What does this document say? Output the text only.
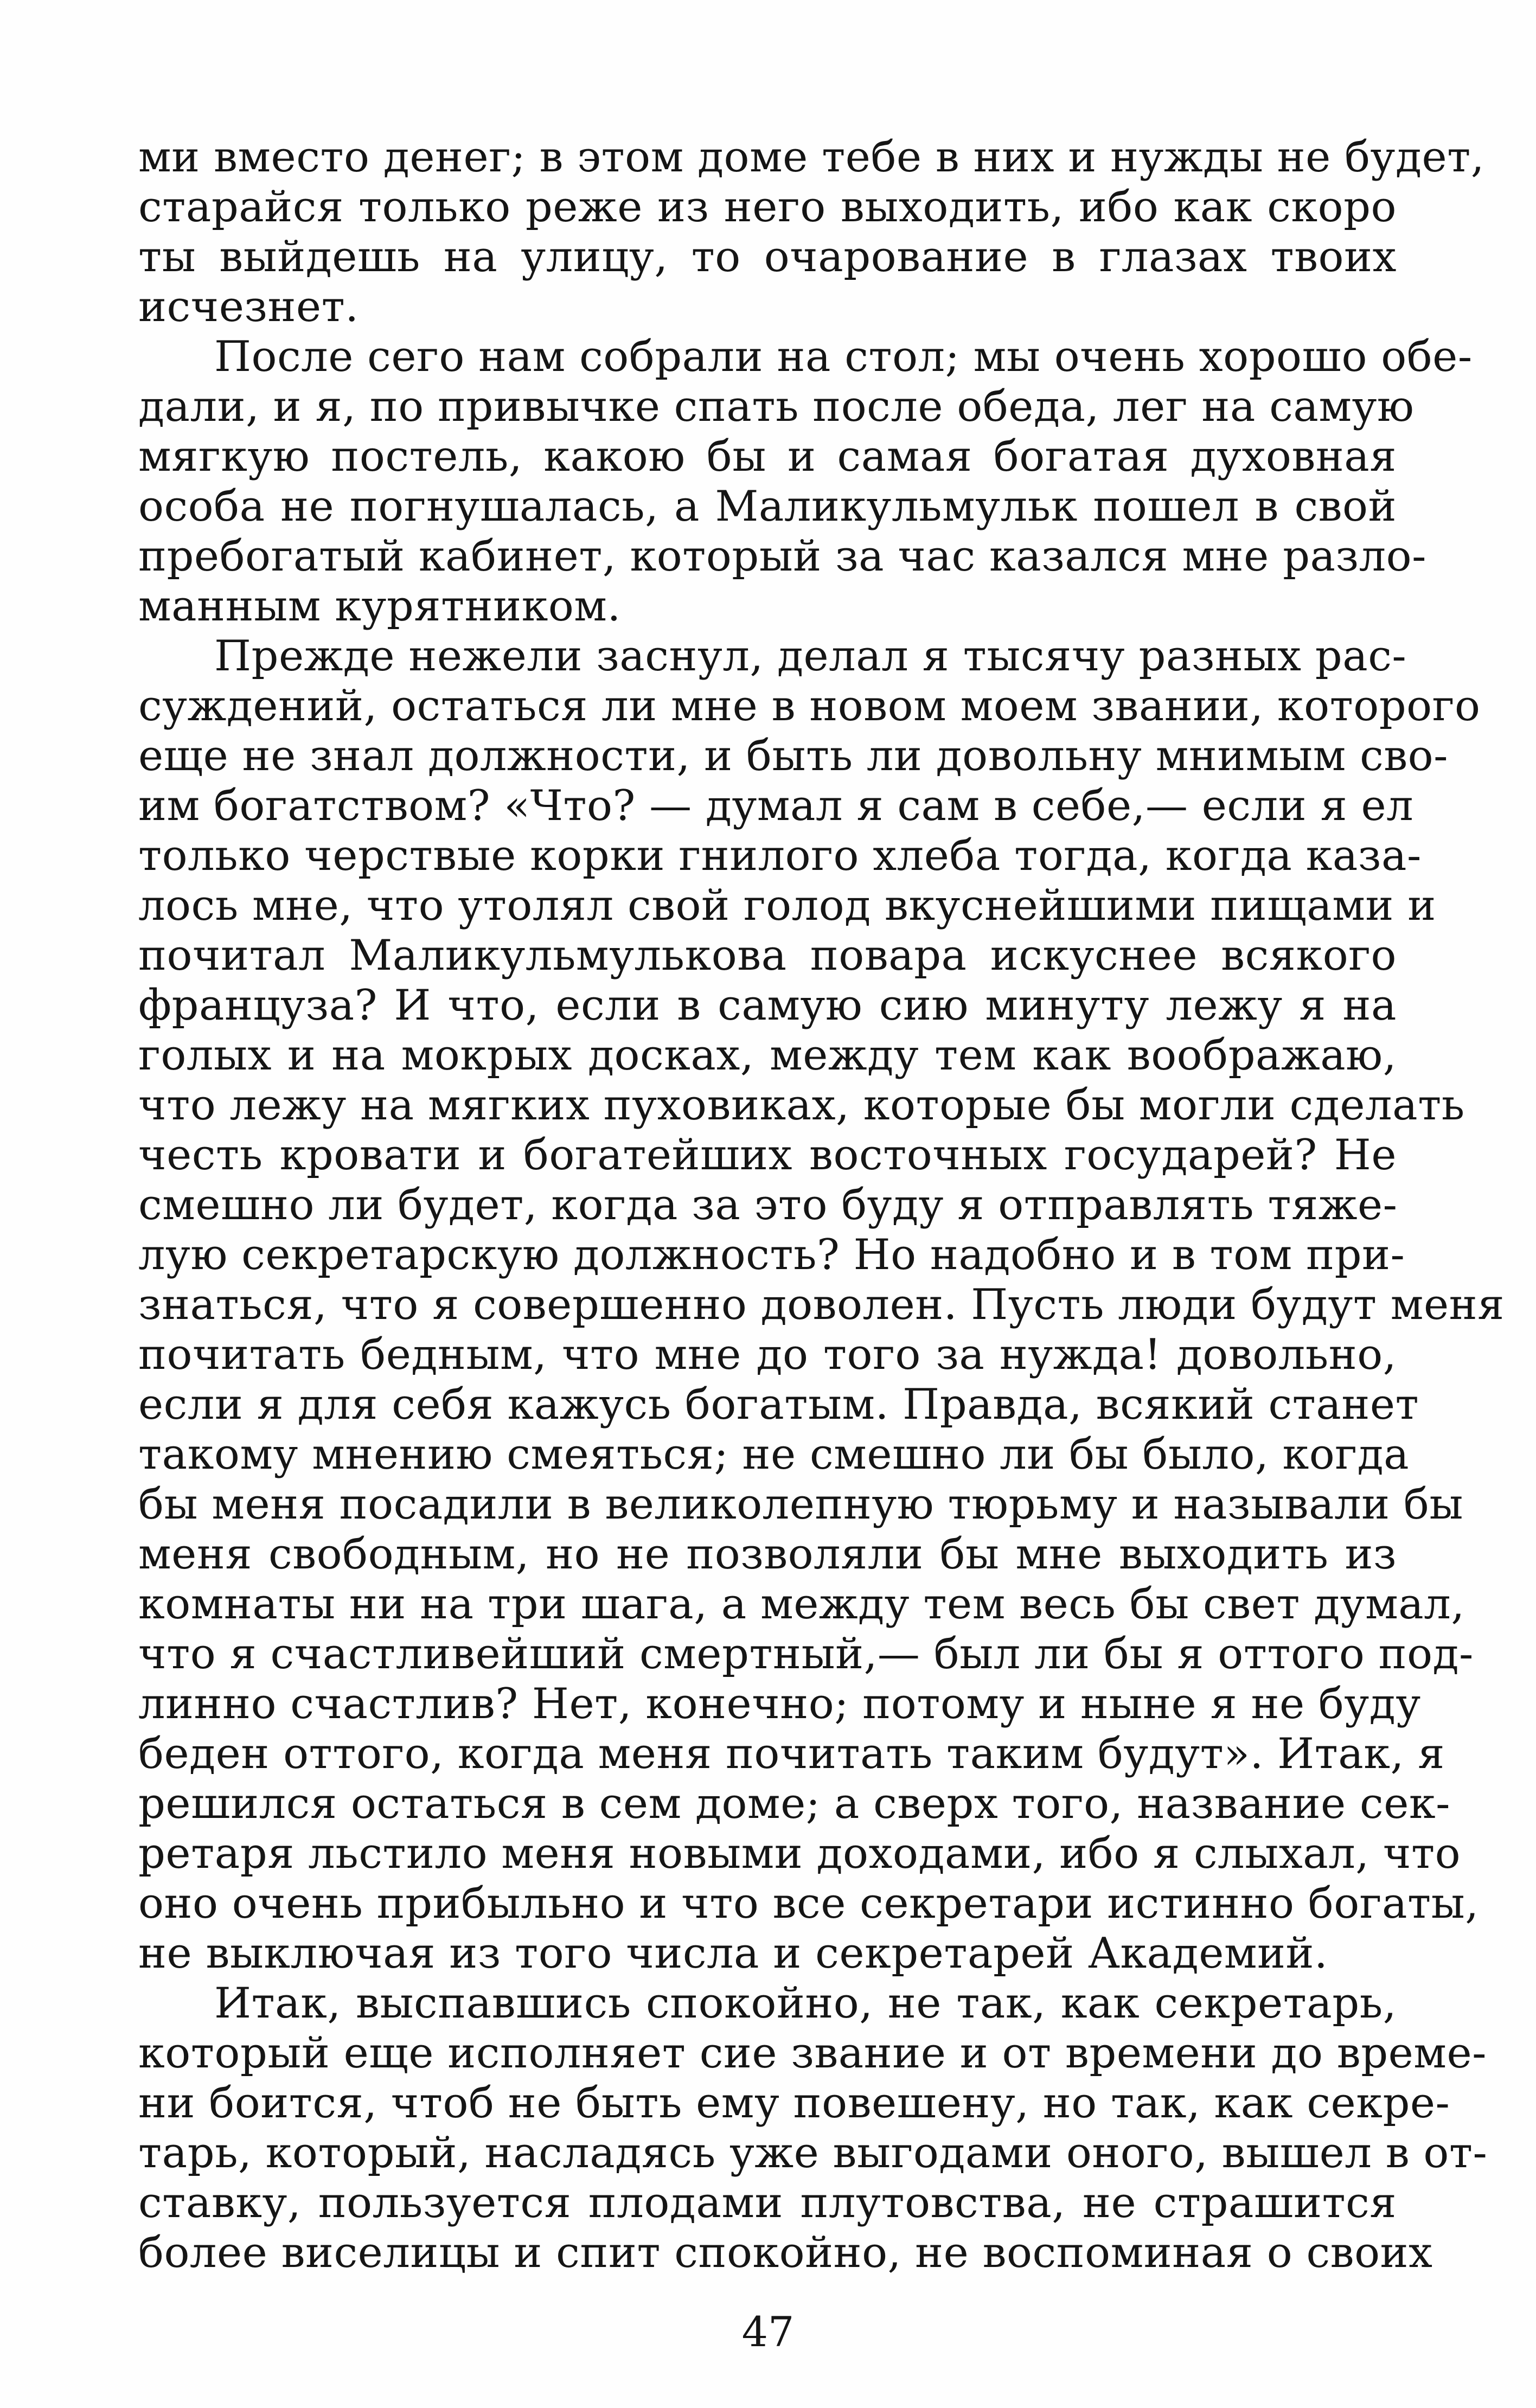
ми вместо денег; в этом доме тебе в них и нужды не будет,
старайся только реже из него выходить, ибо как скоро
ты выйдешь на улицу, то очарование в глазах твоих
исчезнет.
После сего нам собрали на стол; мы очень хорошо обе-
дали, и я, по привычке спать после обеда, лег на самую
мягкую постель, какою бы и самая богатая духовная
особа не погнушалась, а Маликульмульк пошел в свой
пребогатый кабинет, который за час казался мне разло-
манным курятником.
Прежде нежели заснул, делал я тысячу разных рас-
суждений, остаться ли мне в новом моем звании, которого
еще не знал должности, и быть ли довольну мнимым сво-
им богатством? «Что? — думал я сам в себе,— если я ел
только черствые корки гнилого хлеба тогда, когда каза-
лось мне, что утолял свой голод вкуснейшими пищами и
почитал Маликульмулькова повара искуснее всякого
француза? И что, если в самую сию минуту лежу я на
голых и на мокрых досках, между тем как воображаю,
что лежу на мягких пуховиках, которые бы могли сделать
честь кровати и богатейших восточных государей? Не
смешно ли будет, когда за это буду я отправлять тяже-
лую секретарскую должность? Но надобно и в том при-
знаться, что я совершенно доволен. Пусть люди будут меня
почитать бедным, что мне до того за нужда! довольно,
если я для себя кажусь богатым. Правда, всякий станет
такому мнению смеяться; не смешно ли бы было, когда
бы меня посадили в великолепную тюрьму и называли бы
меня свободным, но не позволяли бы мне выходить из
комнаты ни на три шага, а между тем весь бы свет думал,
что я счастливейший смертный,— был ли бы я оттого под-
линно счастлив? Нет, конечно; потому и ныне я не буду
беден оттого, когда меня почитать таким будут». Итак, я
решился остаться в сем доме; а сверх того, название сек-
ретаря льстило меня новыми доходами, ибо я слыхал, что
оно очень прибыльно и что все секретари истинно богаты,
не выключая из того числа и секретарей Академий.
Итак, выспавшись спокойно, не так, как секретарь,
который еще исполняет сие звание и от времени до време-
ни боится, чтоб не быть ему повешену, но так, как секре-
тарь, который, насладясь уже выгодами оного, вышел в от-
ставку, пользуется плодами плутовства, не страшится
более виселицы и спит спокойно, не воспоминая о своих
47
